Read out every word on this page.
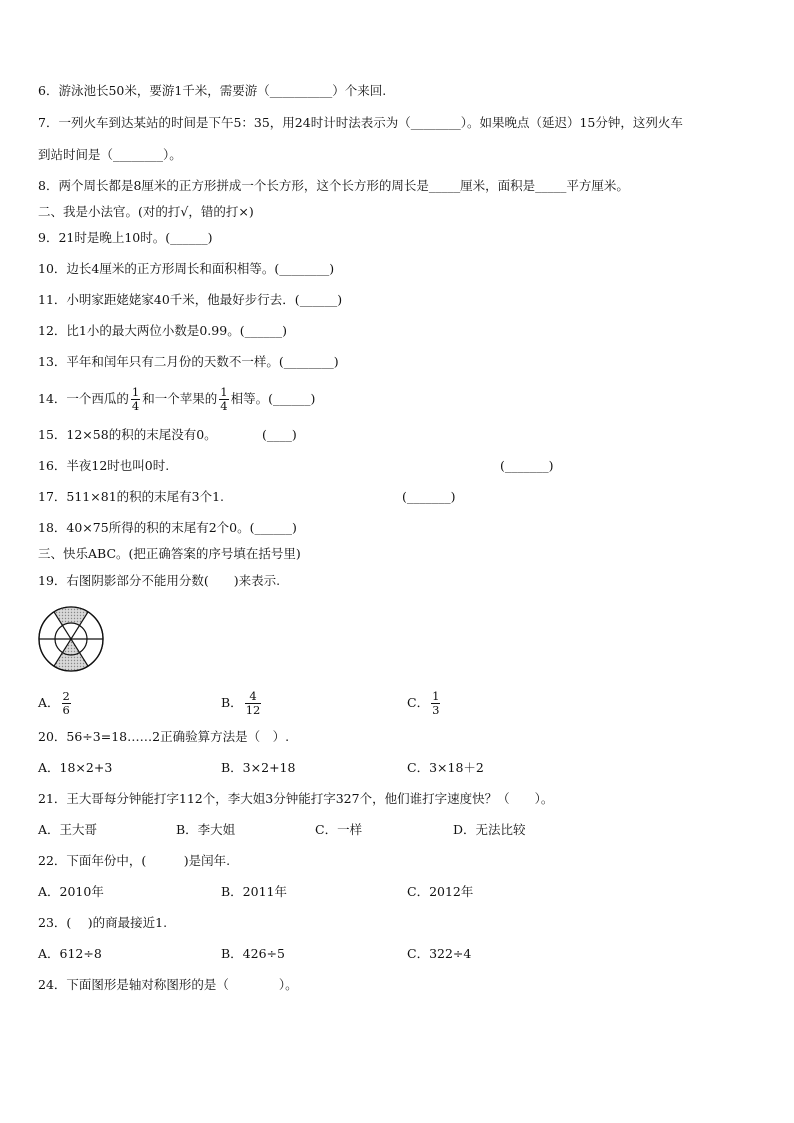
6．游泳池长50米，要游1千米，需要游（__________）个来回.
7．一列火车到达某站的时间是下午5：35，用24时计时法表示为（________）。如果晚点（延迟）15分钟，这列火车
到站时间是（________）。
8．两个周长都是8厘米的正方形拼成一个长方形，这个长方形的周长是_____厘米，面积是_____平方厘米。
二、我是小法官。(对的打√，错的打×)
9．21时是晚上10时。(______)
10．边长4厘米的正方形周长和面积相等。(________)
11．小明家距姥姥家40千米，他最好步行去．(______)
12．比1小的最大两位小数是0.99。(______)
13．平年和闰年只有二月份的天数不一样。(________)
14．一个西瓜的 $\frac{1}{4}$ 和一个苹果的 $\frac{1}{4}$ 相等。(______)
15．12×58的积的末尾没有0。	(____)
16．半夜12时也叫0时.	(_______)
17．511×81的积的末尾有3个1.	(_______)
18．40×75所得的积的末尾有2个0。(______)
三、快乐ABC。(把正确答案的序号填在括号里)
19．右图阴影部分不能用分数(　　)来表示.
A． $\frac{2}{6}$	B． $\frac{4}{12}$	C． $\frac{1}{3}$
20．56÷3=18……2正确验算方法是（　）.
A．18×2+3	B．3×2+18	C．3×18＋2
21．王大哥每分钟能打字112个，李大姐3分钟能打字327个，他们谁打字速度快？（　　）。
A．王大哥	B．李大姐	C．一样	D．无法比较
22．下面年份中，(　　　)是闰年.
A．2010年	B．2011年	C．2012年
23．(　 )的商最接近1.
A．612÷8	B．426÷5	C．322÷4
24．下面图形是轴对称图形的是（　　　　）。
